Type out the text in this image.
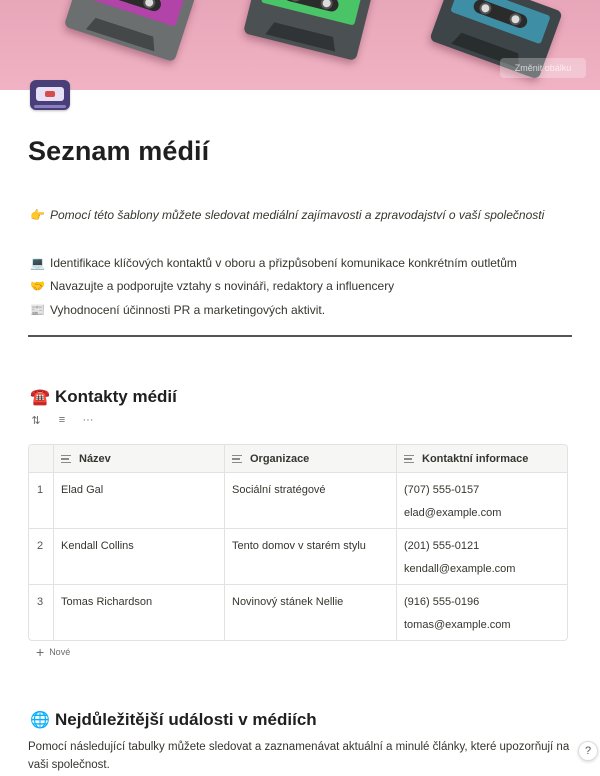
Změnit obálku
Seznam médií
👉 Pomocí této šablony můžete sledovat mediální zajímavosti a zpravodajství o vaší společnosti
💻 Identifikace klíčových kontaktů v oboru a přizpůsobení komunikace konkrétním outletům
🤝 Navazujte a podporujte vztahy s novináři, redaktory a influencery
📰 Vyhodnocení účinnosti PR a marketingových aktivit.
☎️ Kontakty médií
⇅ ≡ ···
Název	Organizace	Kontaktní informace
1 Elad Gal	Sociální stratégové	(707) 555-0157
elad@example.com
2 Kendall Collins	Tento domov v starém stylu	(201) 555-0121
kendall@example.com
3 Tomas Richardson	Novinový stánek Nellie	(916) 555-0196
tomas@example.com
+ Nové
🌐 Nejdůležitější události v médiích

Pomocí následující tabulky můžete sledovat a zaznamenávat aktuální a minulé články, které upozorňují na vaši společnost.

?
